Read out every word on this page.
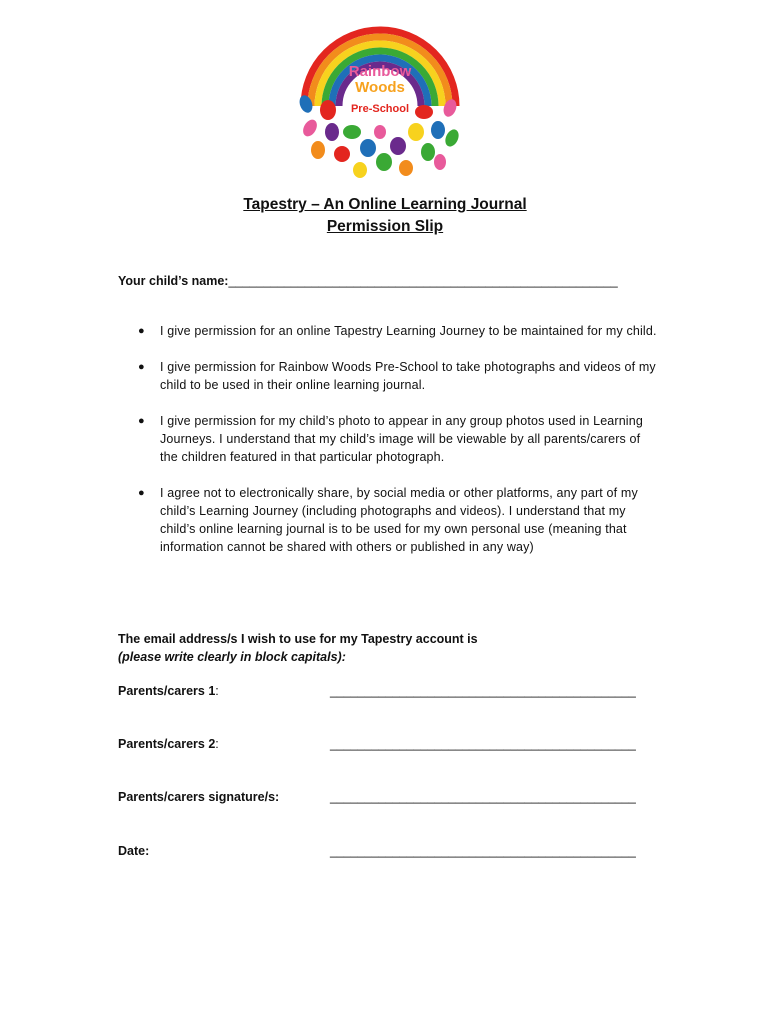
Rainbow
Woods
Pre-School
Tapestry – An Online Learning Journal
Permission Slip
Your child’s name:________________________________________________________
● I give permission for an online Tapestry Learning Journey to be maintained for my child.
● I give permission for Rainbow Woods Pre-School to take photographs and videos of my child to be used in their online learning journal.
● I give permission for my child’s photo to appear in any group photos used in Learning Journeys. I understand that my child’s image will be viewable by all parents/carers of the children featured in that particular photograph.
● I agree not to electronically share, by social media or other platforms, any part of my child’s Learning Journey (including photographs and videos). I understand that my child’s online learning journal is to be used for my own personal use (meaning that information cannot be shared with others or published in any way)
The email address/s I wish to use for my Tapestry account is
(please write clearly in block capitals):
Parents/carers 1:	____________________________________________
Parents/carers 2:	____________________________________________
Parents/carers signature/s:	____________________________________________
Date:	____________________________________________
